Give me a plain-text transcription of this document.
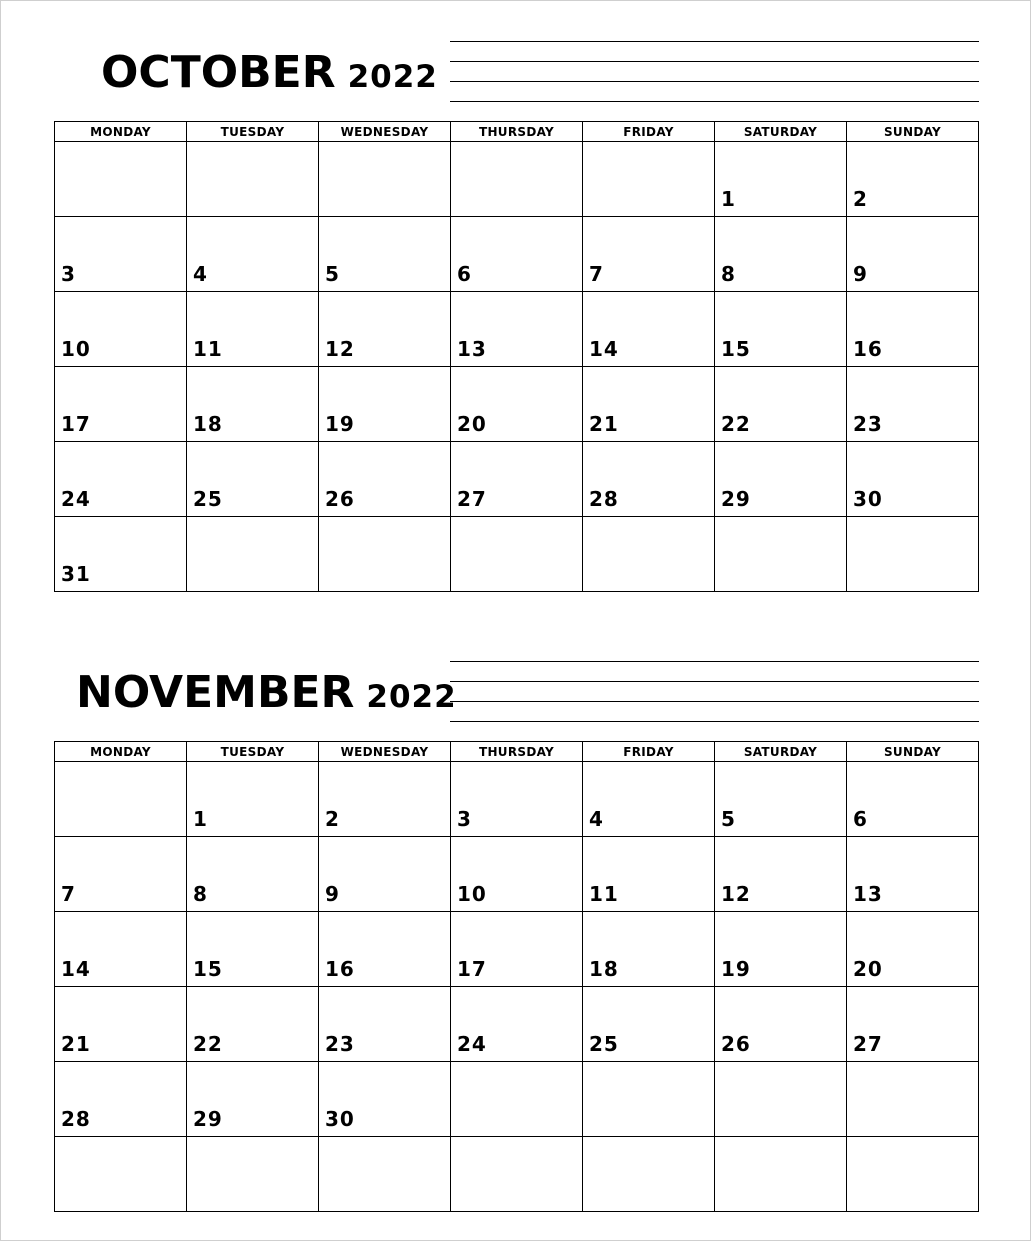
OCTOBER 2022
MONDAY	TUESDAY	WEDNESDAY	THURSDAY	FRIDAY	SATURDAY	SUNDAY

					1	2

3	4	5	6	7	8	9

10	11	12	13	14	15	16

17	18	19	20	21	22	23

24	25	26	27	28	29	30

31						

NOVEMBER 2022
MONDAY	TUESDAY	WEDNESDAY	THURSDAY	FRIDAY	SATURDAY	SUNDAY

	1	2	3	4	5	6

7	8	9	10	11	12	13

14	15	16	17	18	19	20

21	22	23	24	25	26	27

28	29	30				
